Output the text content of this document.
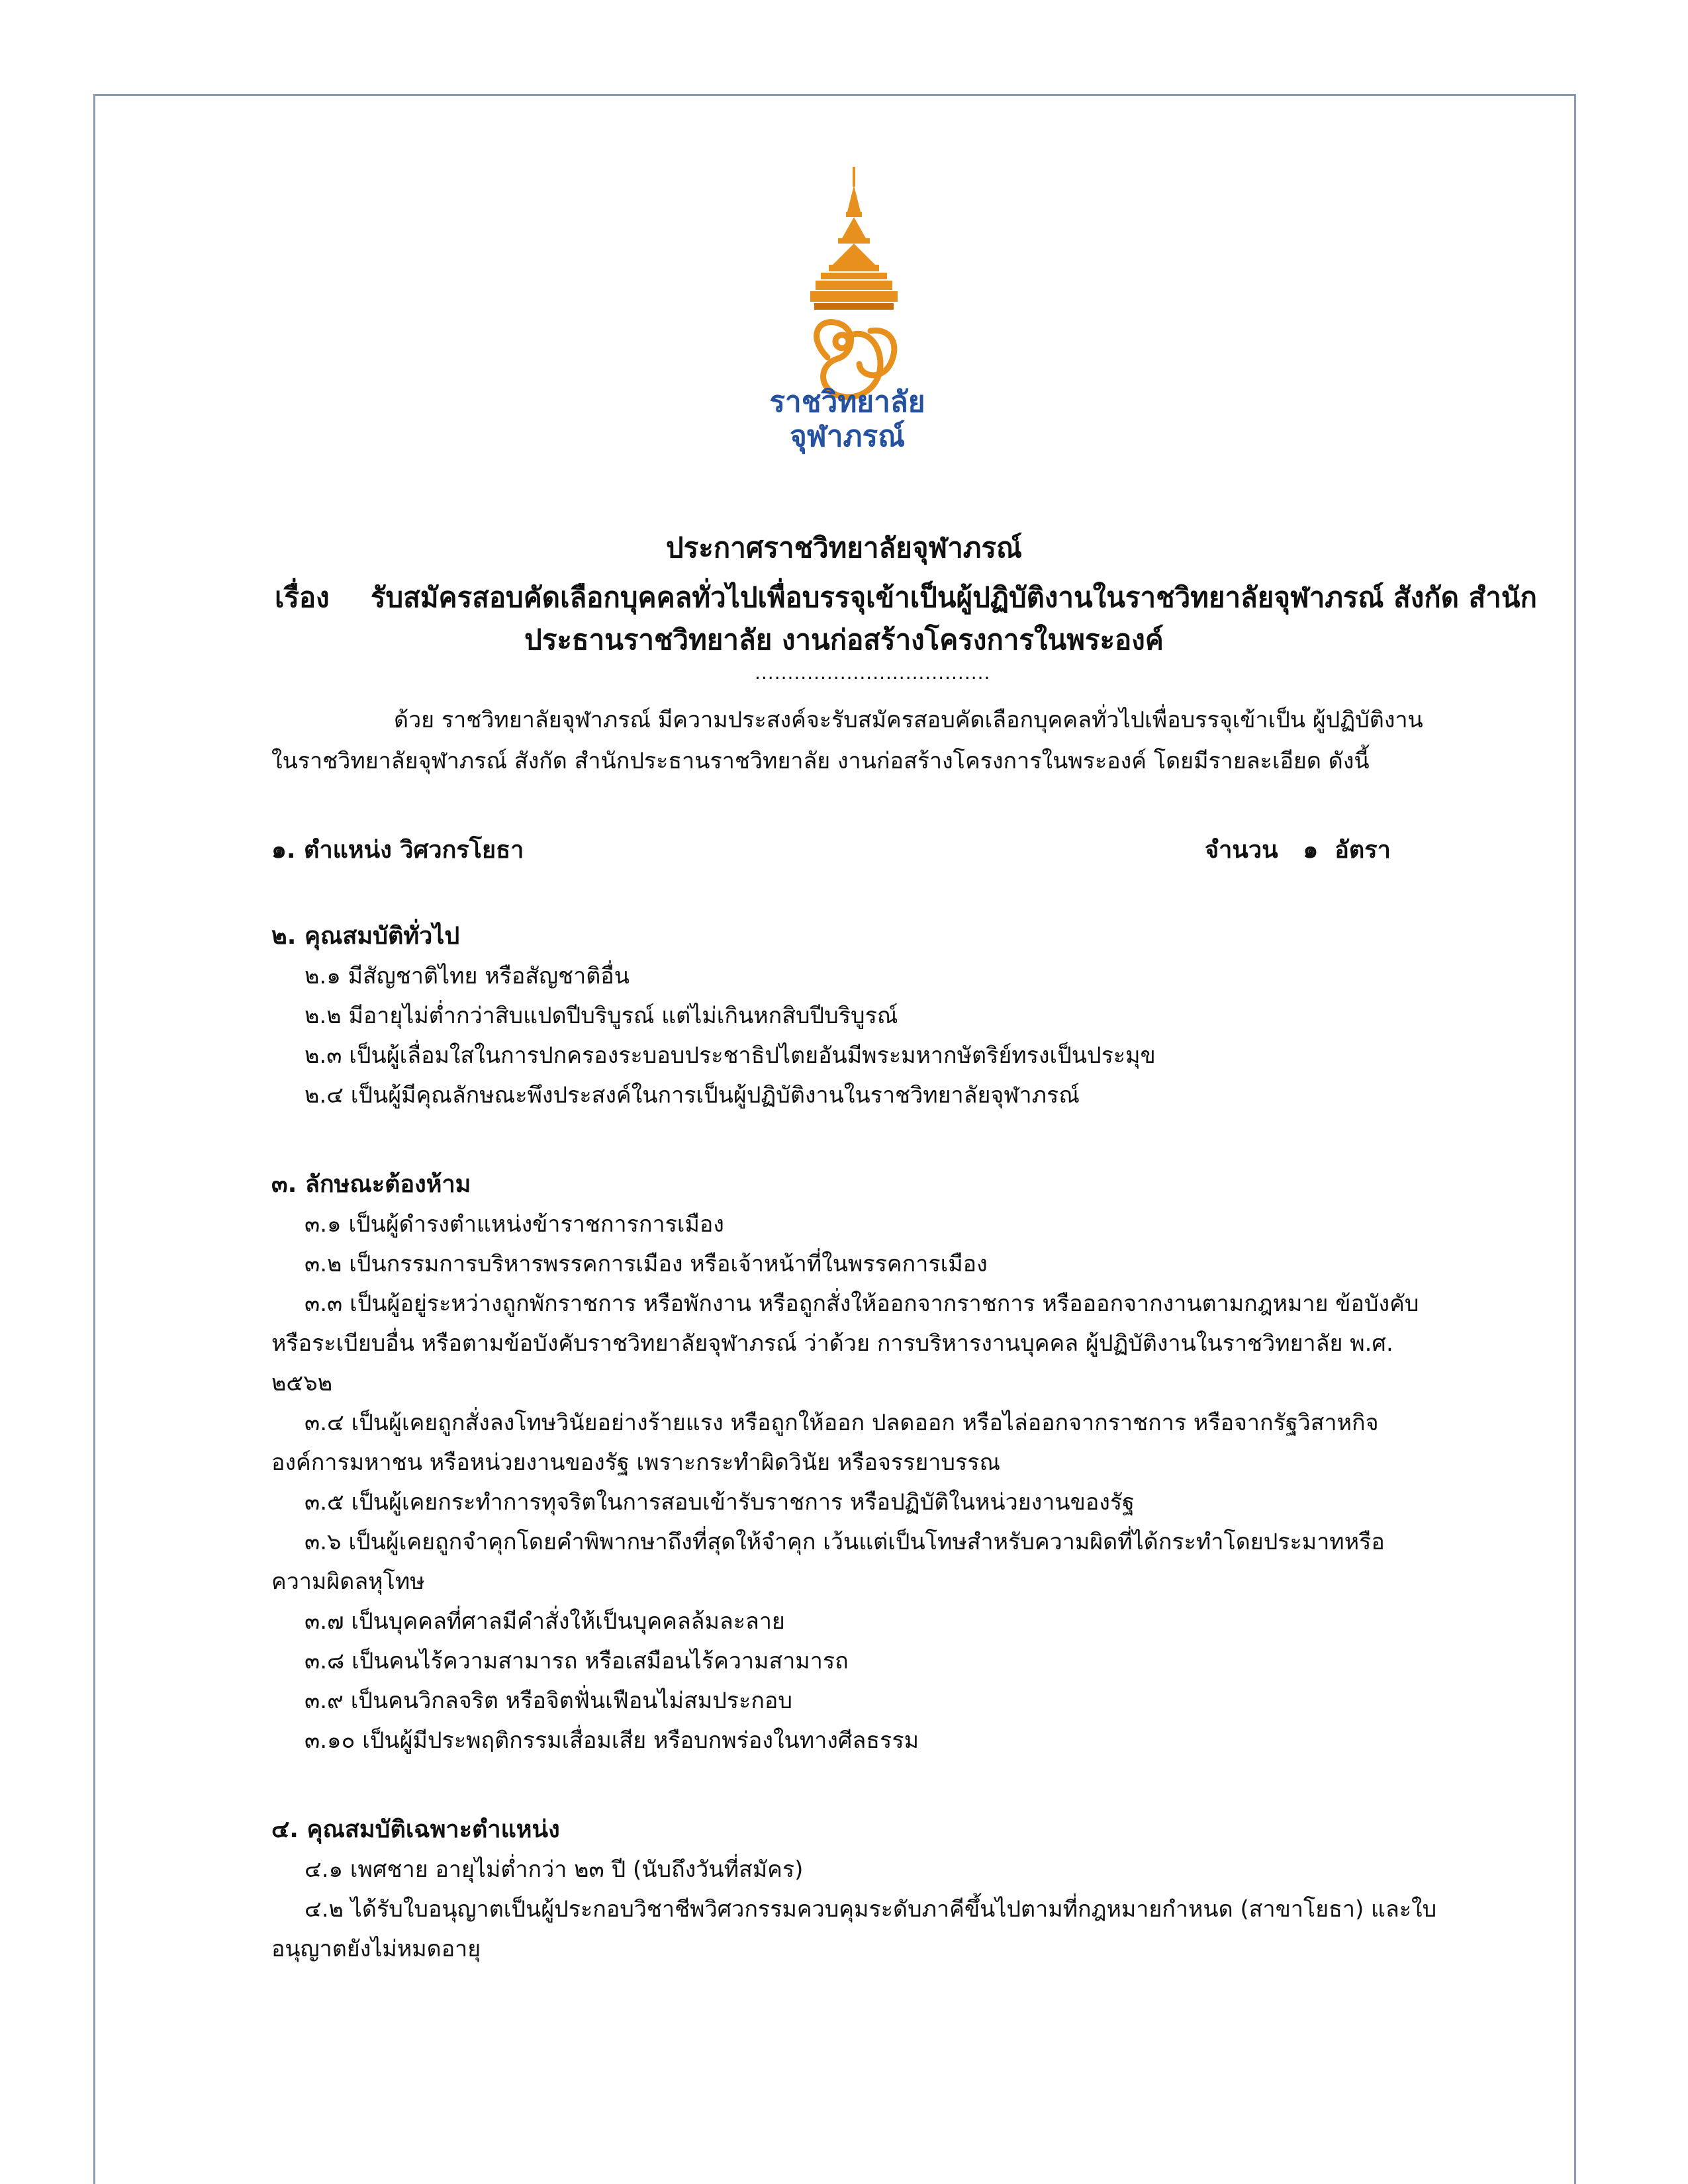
ราชวิทยาลัย
จุฬาภรณ์
ประกาศราชวิทยาลัยจุฬาภรณ์
เรื่อง รับสมัครสอบคัดเลือกบุคคลทั่วไปเพื่อบรรจุเข้าเป็นผู้ปฏิบัติงานในราชวิทยาลัยจุฬาภรณ์ สังกัด สำนัก
ประธานราชวิทยาลัย งานก่อสร้างโครงการในพระองค์
....................................
ด้วย ราชวิทยาลัยจุฬาภรณ์ มีความประสงค์จะรับสมัครสอบคัดเลือกบุคคลทั่วไปเพื่อบรรจุเข้าเป็น ผู้ปฏิบัติงาน
ในราชวิทยาลัยจุฬาภรณ์ สังกัด สำนักประธานราชวิทยาลัย งานก่อสร้างโครงการในพระองค์ โดยมีรายละเอียด ดังนี้
๑. ตำแหน่ง วิศวกรโยธา	จำนวน   ๑  อัตรา
๒. คุณสมบัติทั่วไป
๒.๑ มีสัญชาติไทย หรือสัญชาติอื่น
๒.๒ มีอายุไม่ต่ำกว่าสิบแปดปีบริบูรณ์ แต่ไม่เกินหกสิบปีบริบูรณ์
๒.๓ เป็นผู้เลื่อมใสในการปกครองระบอบประชาธิปไตยอันมีพระมหากษัตริย์ทรงเป็นประมุข
๒.๔ เป็นผู้มีคุณลักษณะพึงประสงค์ในการเป็นผู้ปฏิบัติงานในราชวิทยาลัยจุฬาภรณ์
๓. ลักษณะต้องห้าม
๓.๑ เป็นผู้ดำรงตำแหน่งข้าราชการการเมือง
๓.๒ เป็นกรรมการบริหารพรรคการเมือง หรือเจ้าหน้าที่ในพรรคการเมือง
๓.๓ เป็นผู้อยู่ระหว่างถูกพักราชการ หรือพักงาน หรือถูกสั่งให้ออกจากราชการ หรือออกจากงานตามกฎหมาย ข้อบังคับ
หรือระเบียบอื่น หรือตามข้อบังคับราชวิทยาลัยจุฬาภรณ์ ว่าด้วย การบริหารงานบุคคล ผู้ปฏิบัติงานในราชวิทยาลัย พ.ศ.
๒๕๖๒
๓.๔ เป็นผู้เคยถูกสั่งลงโทษวินัยอย่างร้ายแรง หรือถูกให้ออก ปลดออก หรือไล่ออกจากราชการ หรือจากรัฐวิสาหกิจ
องค์การมหาชน หรือหน่วยงานของรัฐ เพราะกระทำผิดวินัย หรือจรรยาบรรณ
๓.๕ เป็นผู้เคยกระทำการทุจริตในการสอบเข้ารับราชการ หรือปฏิบัติในหน่วยงานของรัฐ
๓.๖ เป็นผู้เคยถูกจำคุกโดยคำพิพากษาถึงที่สุดให้จำคุก เว้นแต่เป็นโทษสำหรับความผิดที่ได้กระทำโดยประมาทหรือ
ความผิดลหุโทษ
๓.๗ เป็นบุคคลที่ศาลมีคำสั่งให้เป็นบุคคลล้มละลาย
๓.๘ เป็นคนไร้ความสามารถ หรือเสมือนไร้ความสามารถ
๓.๙ เป็นคนวิกลจริต หรือจิตฟั่นเฟือนไม่สมประกอบ
๓.๑๐ เป็นผู้มีประพฤติกรรมเสื่อมเสีย หรือบกพร่องในทางศีลธรรม
๔. คุณสมบัติเฉพาะตำแหน่ง
๔.๑ เพศชาย อายุไม่ต่ำกว่า ๒๓ ปี (นับถึงวันที่สมัคร)
๔.๒ ได้รับใบอนุญาตเป็นผู้ประกอบวิชาชีพวิศวกรรมควบคุมระดับภาคีขึ้นไปตามที่กฎหมายกำหนด (สาขาโยธา) และใบ
อนุญาตยังไม่หมดอายุ
